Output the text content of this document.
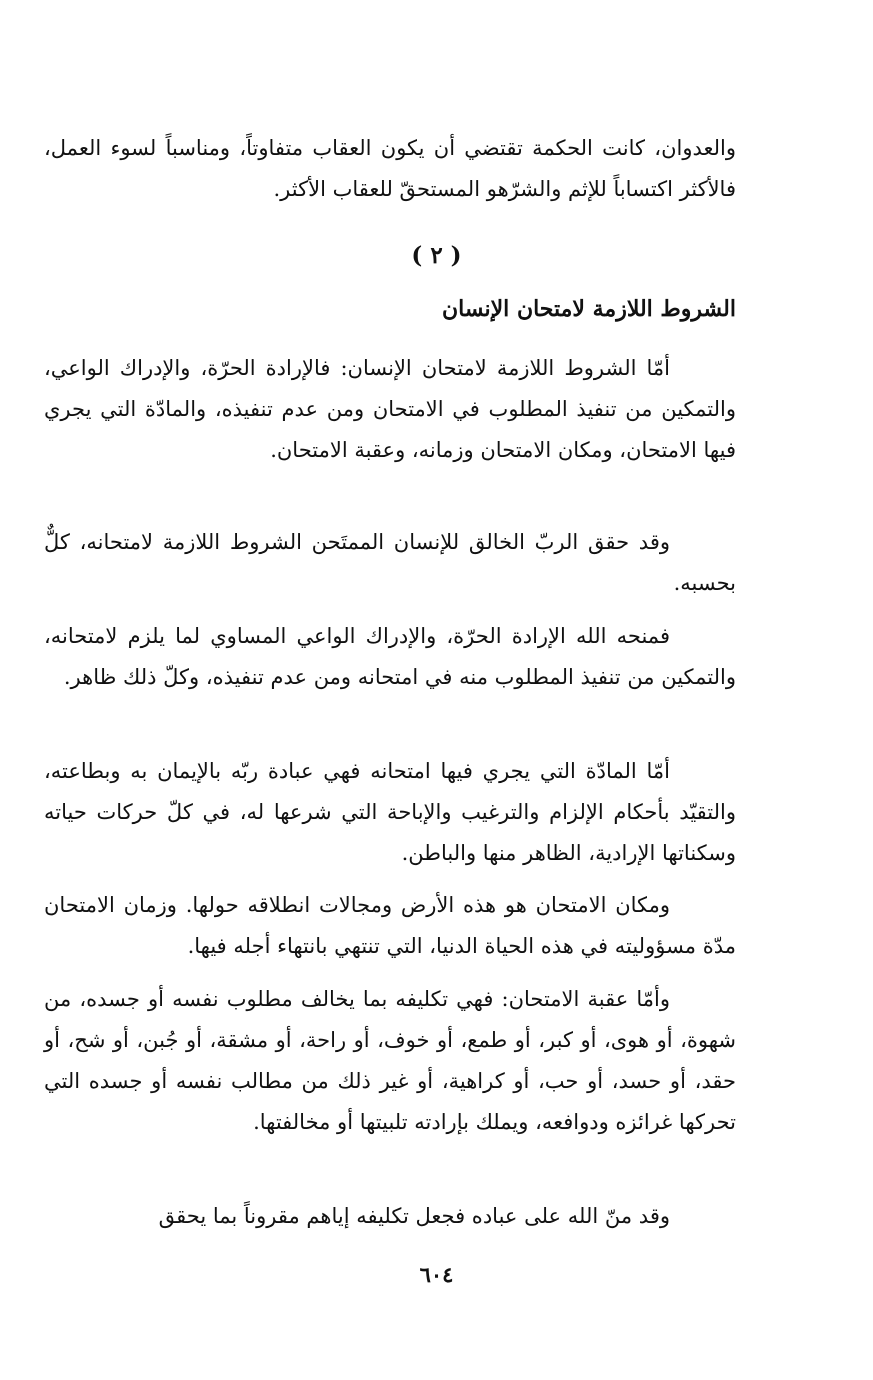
والعدوان، كانت الحكمة تقتضي أن يكون العقاب متفاوتاً، ومناسباً لسوء العمل، فالأكثر اكتساباً للإثم والشرّهو المستحقّ للعقاب الأكثر.

( ٢ )

الشروط اللازمة لامتحان الإنسان

أمّا الشروط اللازمة لامتحان الإنسان: فالإرادة الحرّة، والإدراك الواعي، والتمكين من تنفيذ المطلوب في الامتحان ومن عدم تنفيذه، والمادّة التي يجري فيها الامتحان، ومكان الامتحان وزمانه، وعقبة الامتحان.

وقد حقق الربّ الخالق للإنسان الممتَحن الشروط اللازمة لامتحانه، كلٌّ بحسبه.

فمنحه الله الإرادة الحرّة، والإدراك الواعي المساوي لما يلزم لامتحانه، والتمكين من تنفيذ المطلوب منه في امتحانه ومن عدم تنفيذه، وكلّ ذلك ظاهر.

أمّا المادّة التي يجري فيها امتحانه فهي عبادة ربّه بالإيمان به وبطاعته، والتقيّد بأحكام الإلزام والترغيب والإباحة التي شرعها له، في كلّ حركات حياته وسكناتها الإرادية، الظاهر منها والباطن.

ومكان الامتحان هو هذه الأرض ومجالات انطلاقه حولها. وزمان الامتحان مدّة مسؤوليته في هذه الحياة الدنيا، التي تنتهي بانتهاء أجله فيها.

وأمّا عقبة الامتحان: فهي تكليفه بما يخالف مطلوب نفسه أو جسده، من شهوة، أو هوى، أو كبر، أو طمع، أو خوف، أو راحة، أو مشقة، أو جُبن، أو شح، أو حقد، أو حسد، أو حب، أو كراهية، أو غير ذلك من مطالب نفسه أو جسده التي تحركها غرائزه ودوافعه، ويملك بإرادته تلبيتها أو مخالفتها.

وقد منّ الله على عباده فجعل تكليفه إياهم مقروناً بما يحقق

٦٠٤
